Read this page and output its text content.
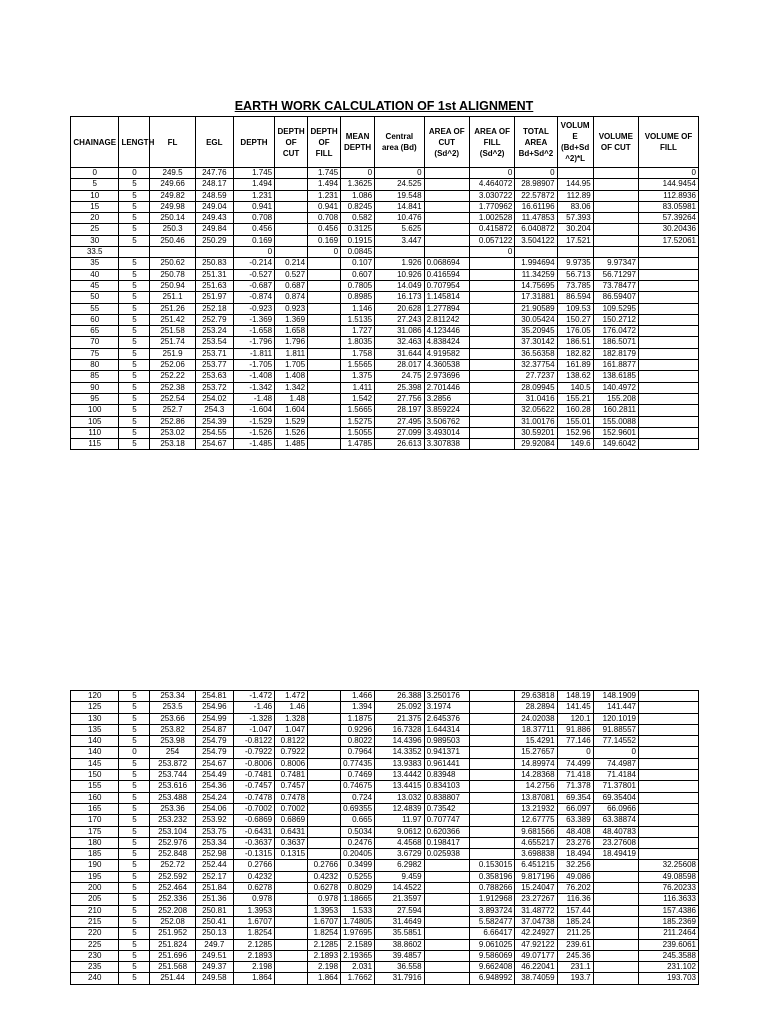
EARTH WORK CALCULATION OF 1st ALIGNMENT
CHAINAGE	LENGTH	FL	EGL	DEPTH	DEPTH OF CUT	DEPTH OF FILL	MEAN DEPTH	Central area (Bd)	AREA OF CUT (Sd^2)	AREA OF FILL (Sd^2)	TOTAL AREA Bd+Sd^2	VOLUM E (Bd+Sd ^2)*L	VOLUME OF CUT	VOLUME OF FILL
0	0	249.5	247.76	1.745		1.745	0	0		0	0			0
5	5	249.66	248.17	1.494		1.494	1.3625	24.525		4.464072	28.98907	144.95		144.9454
10	5	249.82	248.59	1.231		1.231	1.086	19.548		3.030722	22.57872	112.89		112.8936
15	5	249.98	249.04	0.941		0.941	0.8245	14.841		1.770962	16.61196	83.06		83.05981
20	5	250.14	249.43	0.708		0.708	0.582	10.476		1.002528	11.47853	57.393		57.39264
25	5	250.3	249.84	0.456		0.456	0.3125	5.625		0.415872	6.040872	30.204		30.20436
30	5	250.46	250.29	0.169		0.169	0.1915	3.447		0.057122	3.504122	17.521		17.52061
33.5				0		0	0.0845			0				
35	5	250.62	250.83	-0.214	0.214		0.107	1.926	0.068694		1.994694	9.9735	9.97347	
40	5	250.78	251.31	-0.527	0.527		0.607	10.926	0.416594		11.34259	56.713	56.71297	
45	5	250.94	251.63	-0.687	0.687		0.7805	14.049	0.707954		14.75695	73.785	73.78477	
50	5	251.1	251.97	-0.874	0.874		0.8985	16.173	1.145814		17.31881	86.594	86.59407	
55	5	251.26	252.18	-0.923	0.923		1.146	20.628	1.277894		21.90589	109.53	109.5295	
60	5	251.42	252.79	-1.369	1.369		1.5135	27.243	2.811242		30.05424	150.27	150.2712	
65	5	251.58	253.24	-1.658	1.658		1.727	31.086	4.123446		35.20945	176.05	176.0472	
70	5	251.74	253.54	-1.796	1.796		1.8035	32.463	4.838424		37.30142	186.51	186.5071	
75	5	251.9	253.71	-1.811	1.811		1.758	31.644	4.919582		36.56358	182.82	182.8179	
80	5	252.06	253.77	-1.705	1.705		1.5565	28.017	4.360538		32.37754	161.89	161.8877	
85	5	252.22	253.63	-1.408	1.408		1.375	24.75	2.973696		27.7237	138.62	138.6185	
90	5	252.38	253.72	-1.342	1.342		1.411	25.398	2.701446		28.09945	140.5	140.4972	
95	5	252.54	254.02	-1.48	1.48		1.542	27.756	3.2856		31.0416	155.21	155.208	
100	5	252.7	254.3	-1.604	1.604		1.5665	28.197	3.859224		32.05622	160.28	160.2811	
105	5	252.86	254.39	-1.529	1.529		1.5275	27.495	3.506762		31.00176	155.01	155.0088	
110	5	253.02	254.55	-1.526	1.526		1.5055	27.099	3.493014		30.59201	152.96	152.9601	
115	5	253.18	254.67	-1.485	1.485		1.4785	26.613	3.307838		29.92084	149.6	149.6042	
120	5	253.34	254.81	-1.472	1.472		1.466	26.388	3.250176		29.63818	148.19	148.1909	
125	5	253.5	254.96	-1.46	1.46		1.394	25.092	3.1974		28.2894	141.45	141.447	
130	5	253.66	254.99	-1.328	1.328		1.1875	21.375	2.645376		24.02038	120.1	120.1019	
135	5	253.82	254.87	-1.047	1.047		0.9296	16.7328	1.644314		18.37711	91.886	91.88557	
140	5	253.98	254.79	-0.8122	0.8122		0.8022	14.4396	0.989503		15.4291	77.146	77.14552	
140	0	254	254.79	-0.7922	0.7922		0.7964	14.3352	0.941371		15.27657	0	0	
145	5	253.872	254.67	-0.8006	0.8006		0.77435	13.9383	0.961441		14.89974	74.499	74.4987	
150	5	253.744	254.49	-0.7481	0.7481		0.7469	13.4442	0.83948		14.28368	71.418	71.4184	
155	5	253.616	254.36	-0.7457	0.7457		0.74675	13.4415	0.834103		14.2756	71.378	71.37801	
160	5	253.488	254.24	-0.7478	0.7478		0.724	13.032	0.838807		13.87081	69.354	69.35404	
165	5	253.36	254.06	-0.7002	0.7002		0.69355	12.4839	0.73542		13.21932	66.097	66.0966	
170	5	253.232	253.92	-0.6869	0.6869		0.665	11.97	0.707747		12.67775	63.389	63.38874	
175	5	253.104	253.75	-0.6431	0.6431		0.5034	9.0612	0.620366		9.681566	48.408	48.40783	
180	5	252.976	253.34	-0.3637	0.3637		0.2476	4.4568	0.198417		4.655217	23.276	23.27608	
185	5	252.848	252.98	-0.1315	0.1315		0.20405	3.6729	0.025938		3.698838	18.494	18.49419	
190	5	252.72	252.44	0.2766		0.2766	0.3499	6.2982		0.153015	6.451215	32.256		32.25608
195	5	252.592	252.17	0.4232		0.4232	0.5255	9.459		0.358196	9.817196	49.086		49.08598
200	5	252.464	251.84	0.6278		0.6278	0.8029	14.4522		0.788266	15.24047	76.202		76.20233
205	5	252.336	251.36	0.978		0.978	1.18665	21.3597		1.912968	23.27267	116.36		116.3633
210	5	252.208	250.81	1.3953		1.3953	1.533	27.594		3.893724	31.48772	157.44		157.4386
215	5	252.08	250.41	1.6707		1.6707	1.74805	31.4649		5.582477	37.04738	185.24		185.2369
220	5	251.952	250.13	1.8254		1.8254	1.97695	35.5851		6.66417	42.24927	211.25		211.2464
225	5	251.824	249.7	2.1285		2.1285	2.1589	38.8602		9.061025	47.92122	239.61		239.6061
230	5	251.696	249.51	2.1893		2.1893	2.19365	39.4857		9.586069	49.07177	245.36		245.3588
235	5	251.568	249.37	2.198		2.198	2.031	36.558		9.662408	46.22041	231.1		231.102
240	5	251.44	249.58	1.864		1.864	1.7662	31.7916		6.948992	38.74059	193.7		193.703
